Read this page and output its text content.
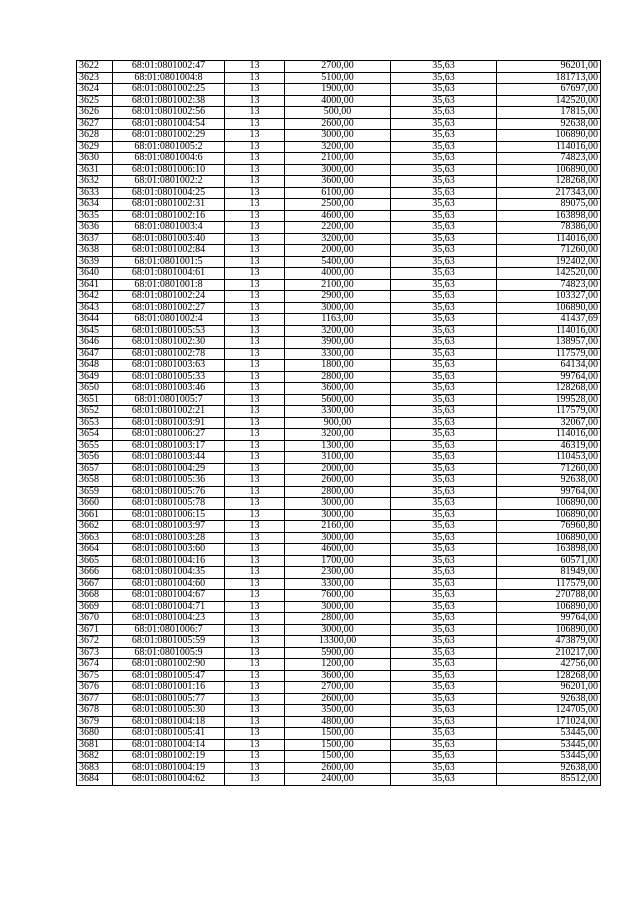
3622	68:01:0801002:47	13	2700,00	35,63	96201,00
3623	68:01:0801004:8	13	5100,00	35,63	181713,00
3624	68:01:0801002:25	13	1900,00	35,63	67697,00
3625	68:01:0801002:38	13	4000,00	35,63	142520,00
3626	68:01:0801002:56	13	500,00	35,63	17815,00
3627	68:01:0801004:54	13	2600,00	35,63	92638,00
3628	68:01:0801002:29	13	3000,00	35,63	106890,00
3629	68:01:0801005:2	13	3200,00	35,63	114016,00
3630	68:01:0801004:6	13	2100,00	35,63	74823,00
3631	68:01:0801006:10	13	3000,00	35,63	106890,00
3632	68:01:0801002:2	13	3600,00	35,63	128268,00
3633	68:01:0801004:25	13	6100,00	35,63	217343,00
3634	68:01:0801002:31	13	2500,00	35,63	89075,00
3635	68:01:0801002:16	13	4600,00	35,63	163898,00
3636	68:01:0801003:4	13	2200,00	35,63	78386,00
3637	68:01:0801003:40	13	3200,00	35,63	114016,00
3638	68:01:0801002:84	13	2000,00	35,63	71260,00
3639	68:01:0801001:5	13	5400,00	35,63	192402,00
3640	68:01:0801004:61	13	4000,00	35,63	142520,00
3641	68:01:0801001:8	13	2100,00	35,63	74823,00
3642	68:01:0801002:24	13	2900,00	35,63	103327,00
3643	68:01:0801002:27	13	3000,00	35,63	106890,00
3644	68:01:0801002:4	13	1163,00	35,63	41437,69
3645	68:01:0801005:53	13	3200,00	35,63	114016,00
3646	68:01:0801002:30	13	3900,00	35,63	138957,00
3647	68:01:0801002:78	13	3300,00	35,63	117579,00
3648	68:01:0801003:63	13	1800,00	35,63	64134,00
3649	68:01:0801005:33	13	2800,00	35,63	99764,00
3650	68:01:0801003:46	13	3600,00	35,63	128268,00
3651	68:01:0801005:7	13	5600,00	35,63	199528,00
3652	68:01:0801002:21	13	3300,00	35,63	117579,00
3653	68:01:0801003:91	13	900,00	35,63	32067,00
3654	68:01:0801006:27	13	3200,00	35,63	114016,00
3655	68:01:0801003:17	13	1300,00	35,63	46319,00
3656	68:01:0801003:44	13	3100,00	35,63	110453,00
3657	68:01:0801004:29	13	2000,00	35,63	71260,00
3658	68:01:0801005:36	13	2600,00	35,63	92638,00
3659	68:01:0801005:76	13	2800,00	35,63	99764,00
3660	68:01:0801005:78	13	3000,00	35,63	106890,00
3661	68:01:0801006:15	13	3000,00	35,63	106890,00
3662	68:01:0801003:97	13	2160,00	35,63	76960,80
3663	68:01:0801003:28	13	3000,00	35,63	106890,00
3664	68:01:0801003:60	13	4600,00	35,63	163898,00
3665	68:01:0801004:16	13	1700,00	35,63	60571,00
3666	68:01:0801004:35	13	2300,00	35,63	81949,00
3667	68:01:0801004:60	13	3300,00	35,63	117579,00
3668	68:01:0801004:67	13	7600,00	35,63	270788,00
3669	68:01:0801004:71	13	3000,00	35,63	106890,00
3670	68:01:0801004:23	13	2800,00	35,63	99764,00
3671	68:01:0801006:7	13	3000,00	35,63	106890,00
3672	68:01:0801005:59	13	13300,00	35,63	473879,00
3673	68:01:0801005:9	13	5900,00	35,63	210217,00
3674	68:01:0801002:90	13	1200,00	35,63	42756,00
3675	68:01:0801005:47	13	3600,00	35,63	128268,00
3676	68:01:0801001:16	13	2700,00	35,63	96201,00
3677	68:01:0801005:77	13	2600,00	35,63	92638,00
3678	68:01:0801005:30	13	3500,00	35,63	124705,00
3679	68:01:0801004:18	13	4800,00	35,63	171024,00
3680	68:01:0801005:41	13	1500,00	35,63	53445,00
3681	68:01:0801004:14	13	1500,00	35,63	53445,00
3682	68:01:0801002:19	13	1500,00	35,63	53445,00
3683	68:01:0801004:19	13	2600,00	35,63	92638,00
3684	68:01:0801004:62	13	2400,00	35,63	85512,00
